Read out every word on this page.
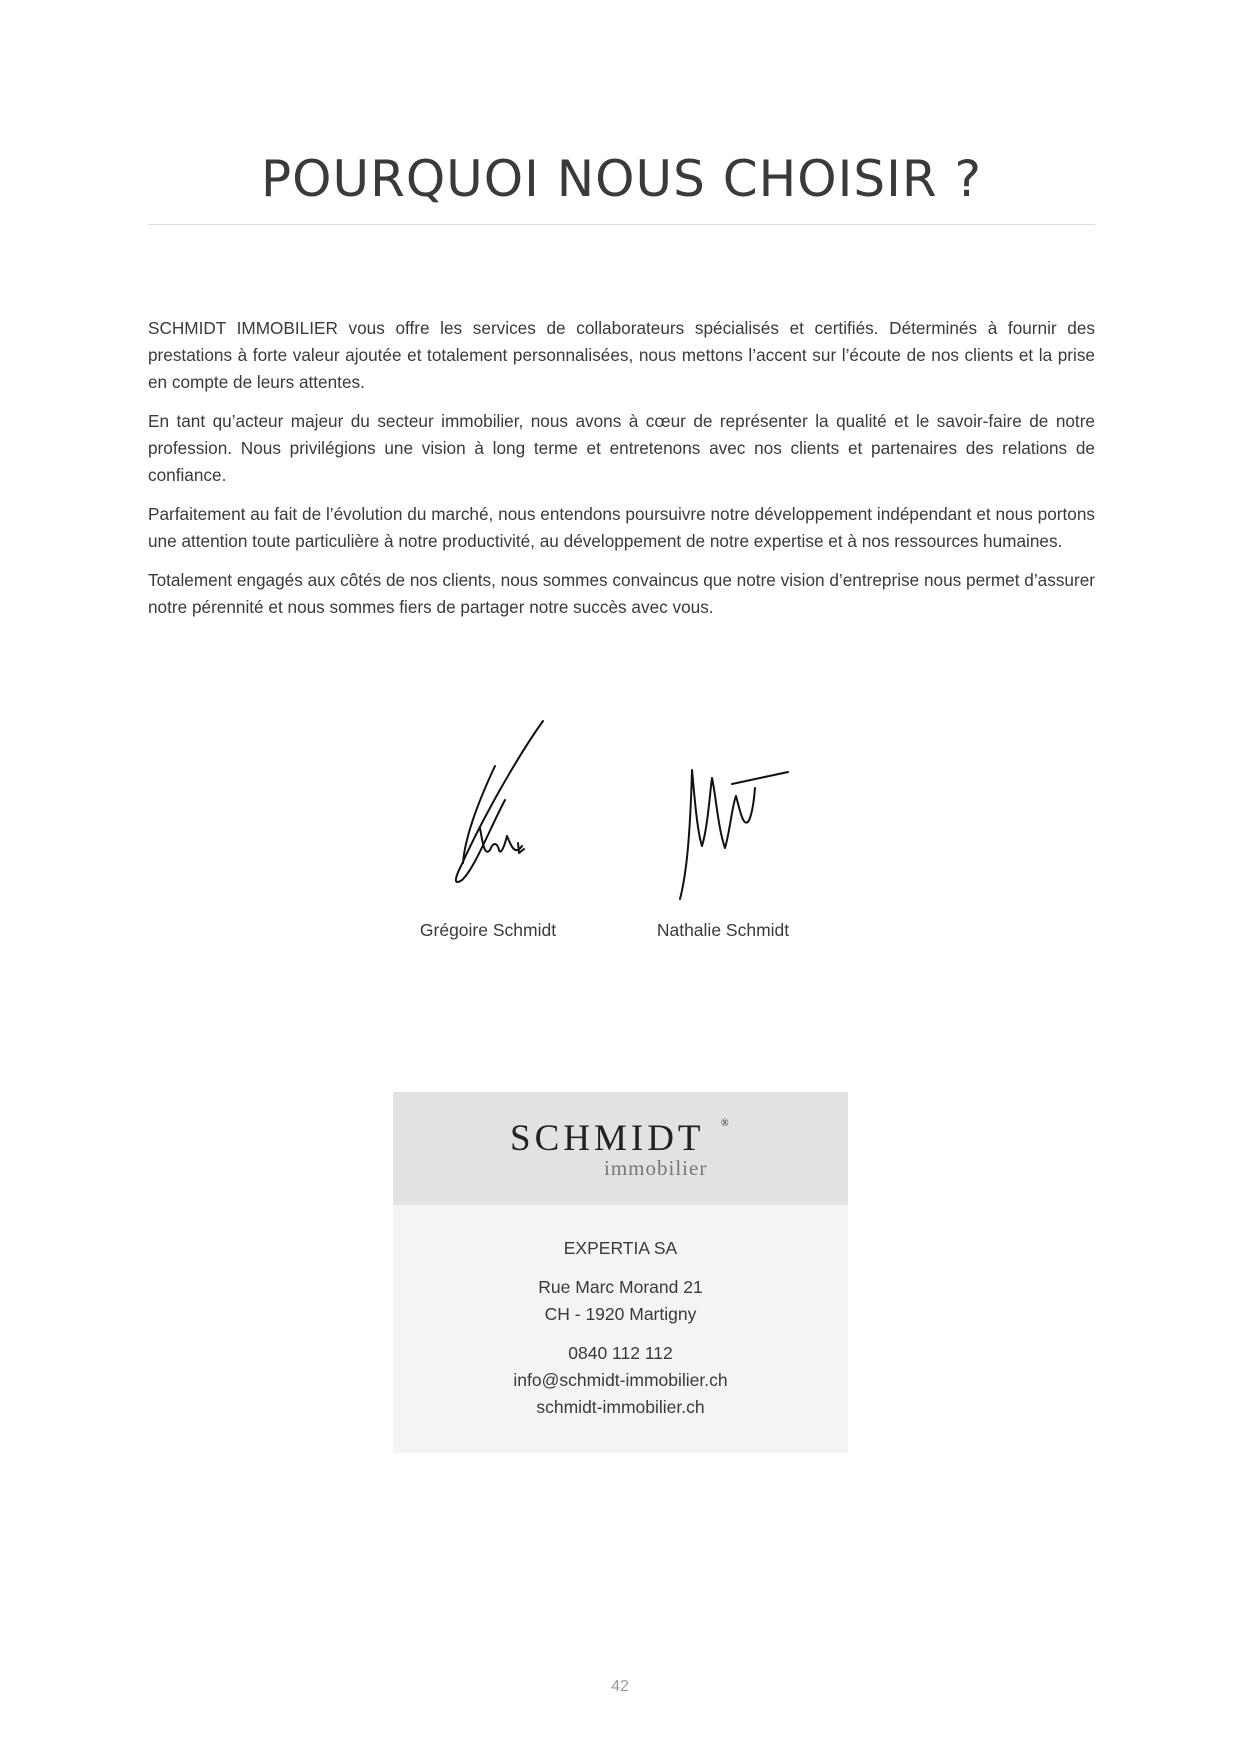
POURQUOI NOUS CHOISIR ?

SCHMIDT IMMOBILIER vous offre les services de collaborateurs spécialisés et certifiés. Déterminés à fournir des prestations à forte valeur ajoutée et totalement personnalisées, nous mettons l’accent sur l’écoute de nos clients et la prise en compte de leurs attentes.

En tant qu’acteur majeur du secteur immobilier, nous avons à cœur de représenter la qualité et le savoir-faire de notre profession. Nous privilégions une vision à long terme et entretenons avec nos clients et partenaires des relations de confiance.

Parfaitement au fait de l’évolution du marché, nous entendons poursuivre notre développement indépendant et nous portons une attention toute particulière à notre productivité, au développement de notre expertise et à nos ressources humaines.

Totalement engagés aux côtés de nos clients, nous sommes convaincus que notre vision d’entreprise nous permet d’assurer notre pérennité et nous sommes fiers de partager notre succès avec vous.

Grégoire Schmidt	Nathalie Schmidt
SCHMIDT ®
immobilier
EXPERTIA SA
Rue Marc Morand 21
CH - 1920 Martigny
0840 112 112
info@schmidt-immobilier.ch
schmidt-immobilier.ch
42
